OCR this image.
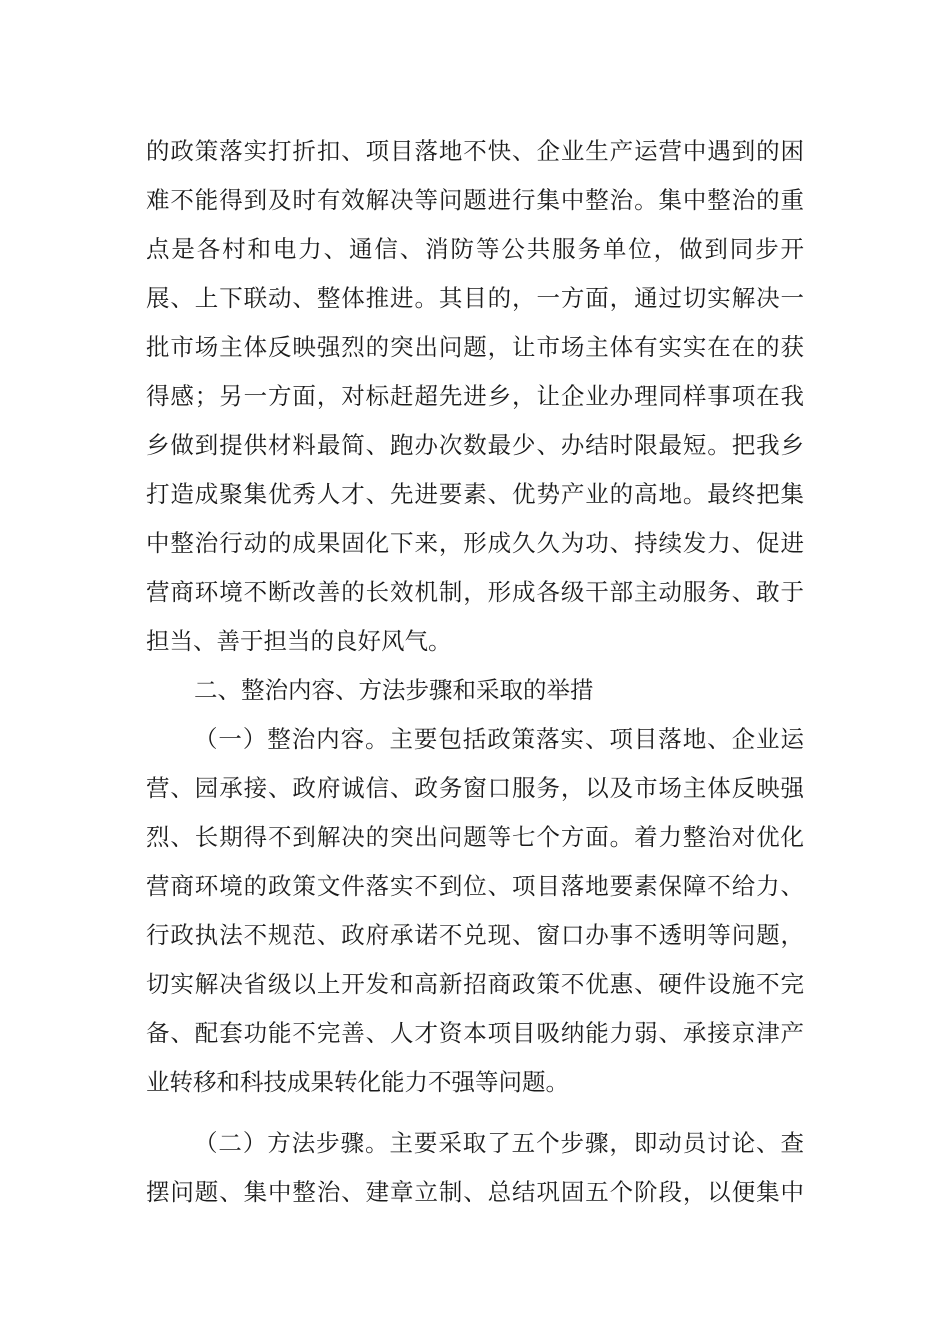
的政策落实打折扣、项目落地不快、企业生产运营中遇到的困
难不能得到及时有效解决等问题进行集中整治。集中整治的重
点是各村和电力、通信、消防等公共服务单位，做到同步开
展、上下联动、整体推进。其目的，一方面，通过切实解决一
批市场主体反映强烈的突出问题，让市场主体有实实在在的获
得感；另一方面，对标赶超先进乡，让企业办理同样事项在我
乡做到提供材料最简、跑办次数最少、办结时限最短。把我乡
打造成聚集优秀人才、先进要素、优势产业的高地。最终把集
中整治行动的成果固化下来，形成久久为功、持续发力、促进
营商环境不断改善的长效机制，形成各级干部主动服务、敢于
担当、善于担当的良好风气。
二、整治内容、方法步骤和采取的举措
（一）整治内容。主要包括政策落实、项目落地、企业运
营、园承接、政府诚信、政务窗口服务，以及市场主体反映强
烈、长期得不到解决的突出问题等七个方面。着力整治对优化
营商环境的政策文件落实不到位、项目落地要素保障不给力、
行政执法不规范、政府承诺不兑现、窗口办事不透明等问题，
切实解决省级以上开发和高新招商政策不优惠、硬件设施不完
备、配套功能不完善、人才资本项目吸纳能力弱、承接京津产
业转移和科技成果转化能力不强等问题。
（二）方法步骤。主要采取了五个步骤，即动员讨论、查
摆问题、集中整治、建章立制、总结巩固五个阶段，以便集中
